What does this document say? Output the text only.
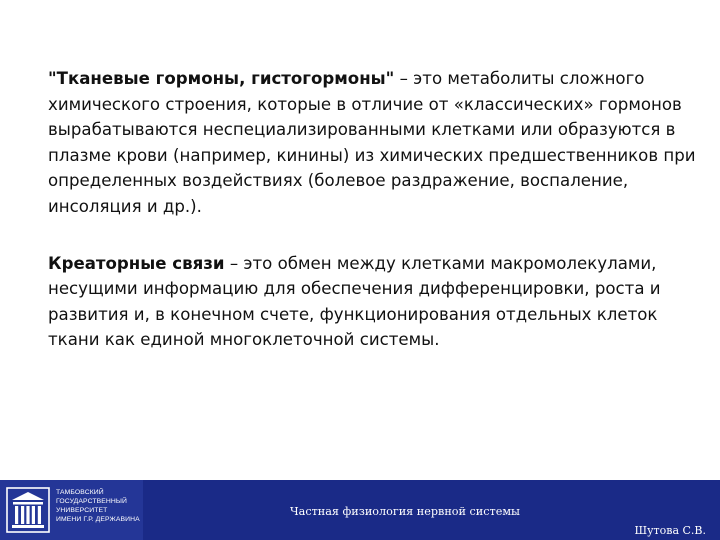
"Тканевые гормоны, гистогормоны" – это метаболиты сложного химического строения, которые в отличие от «классических» гормонов вырабатываются неспециализированными клетками или образуются в плазме крови (например, кинины) из химических предшественников при определенных воздействиях (болевое раздражение, воспаление, инсоляция и др.).

Креаторные связи – это обмен между клетками макромолекулами, несущими информацию для обеспечения дифференцировки, роста и развития и, в конечном счете, функционирования отдельных клеток ткани как единой многоклеточной системы.

ТАМБОВСКИЙ
ГОСУДАРСТВЕННЫЙ
УНИВЕРСИТЕТ
ИМЕНИ Г.Р. ДЕРЖАВИНА
Частная физиология нервной системы
Шутова С.В.
